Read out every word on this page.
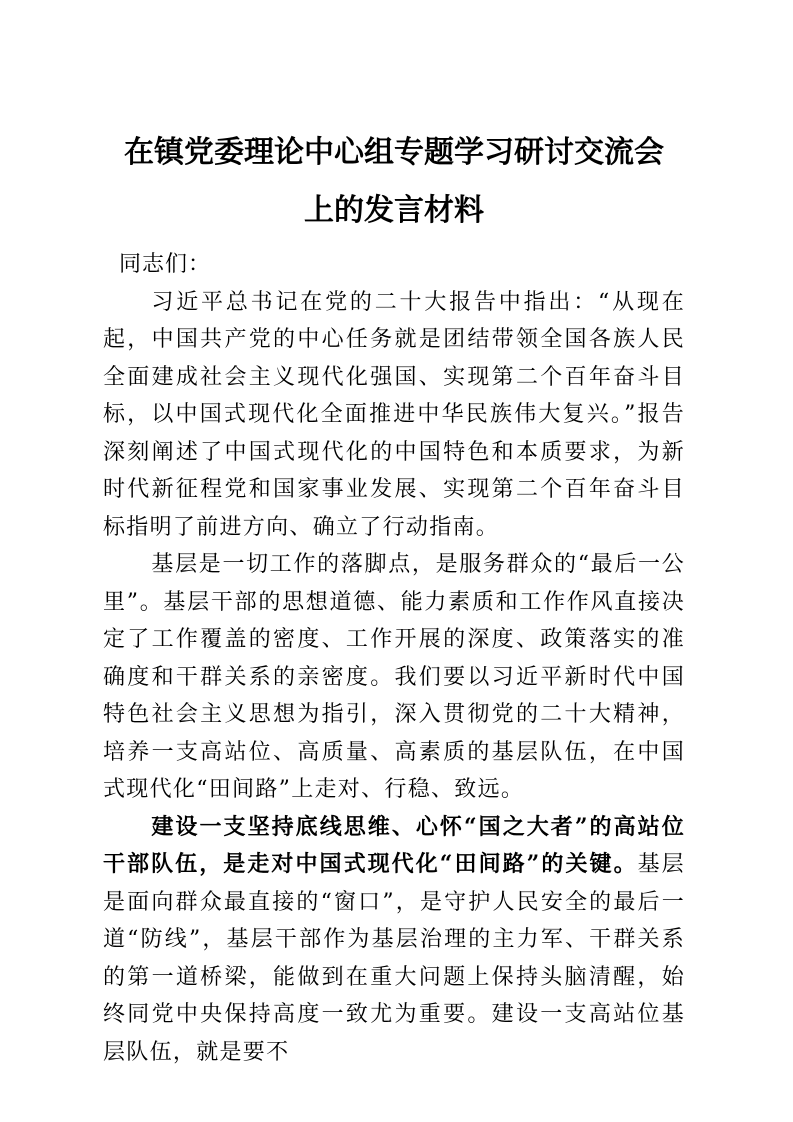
在镇党委理论中心组专题学习研讨交流会
上的发言材料

同志们：

习近平总书记在党的二十大报告中指出：“从现在起，中国共产党的中心任务就是团结带领全国各族人民全面建成社会主义现代化强国、实现第二个百年奋斗目标，以中国式现代化全面推进中华民族伟大复兴。”报告深刻阐述了中国式现代化的中国特色和本质要求，为新时代新征程党和国家事业发展、实现第二个百年奋斗目标指明了前进方向、确立了行动指南。

基层是一切工作的落脚点，是服务群众的“最后一公里”。基层干部的思想道德、能力素质和工作作风直接决定了工作覆盖的密度、工作开展的深度、政策落实的准确度和干群关系的亲密度。我们要以习近平新时代中国特色社会主义思想为指引，深入贯彻党的二十大精神，培养一支高站位、高质量、高素质的基层队伍，在中国式现代化“田间路”上走对、行稳、致远。

建设一支坚持底线思维、心怀“国之大者”的高站位干部队伍，是走对中国式现代化“田间路”的关键。基层是面向群众最直接的“窗口”，是守护人民安全的最后一道“防线”，基层干部作为基层治理的主力军、干群关系的第一道桥梁，能做到在重大问题上保持头脑清醒，始终同党中央保持高度一致尤为重要。建设一支高站位基层队伍，就是要不
